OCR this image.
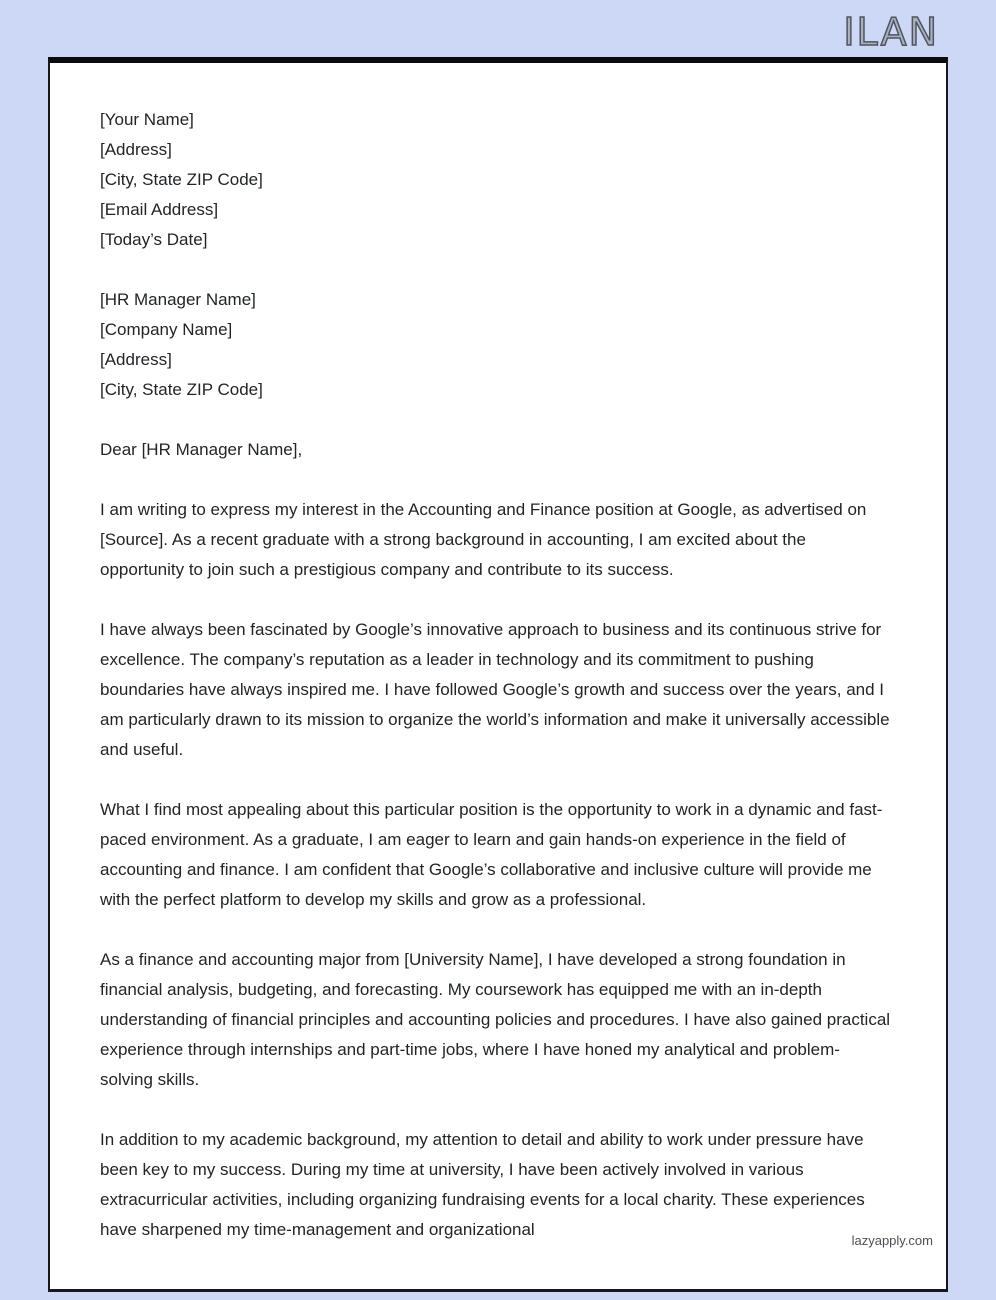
ILAN
[Your Name]
[Address]
[City, State ZIP Code]
[Email Address]
[Today’s Date]
[HR Manager Name]
[Company Name]
[Address]
[City, State ZIP Code]
Dear [HR Manager Name],

I am writing to express my interest in the Accounting and Finance position at Google, as advertised on [Source]. As a recent graduate with a strong background in accounting, I am excited about the opportunity to join such a prestigious company and contribute to its success.

I have always been fascinated by Google’s innovative approach to business and its continuous strive for excellence. The company’s reputation as a leader in technology and its commitment to pushing boundaries have always inspired me. I have followed Google’s growth and success over the years, and I am particularly drawn to its mission to organize the world’s information and make it universally accessible and useful.

What I find most appealing about this particular position is the opportunity to work in a dynamic and fast-paced environment. As a graduate, I am eager to learn and gain hands-on experience in the field of accounting and finance. I am confident that Google’s collaborative and inclusive culture will provide me with the perfect platform to develop my skills and grow as a professional.

As a finance and accounting major from [University Name], I have developed a strong foundation in financial analysis, budgeting, and forecasting. My coursework has equipped me with an in-depth understanding of financial principles and accounting policies and procedures. I have also gained practical experience through internships and part-time jobs, where I have honed my analytical and problem-solving skills.

In addition to my academic background, my attention to detail and ability to work under pressure have been key to my success. During my time at university, I have been actively involved in various extracurricular activities, including organizing fundraising events for a local charity. These experiences have sharpened my time-management and organizational

lazyapply.com
